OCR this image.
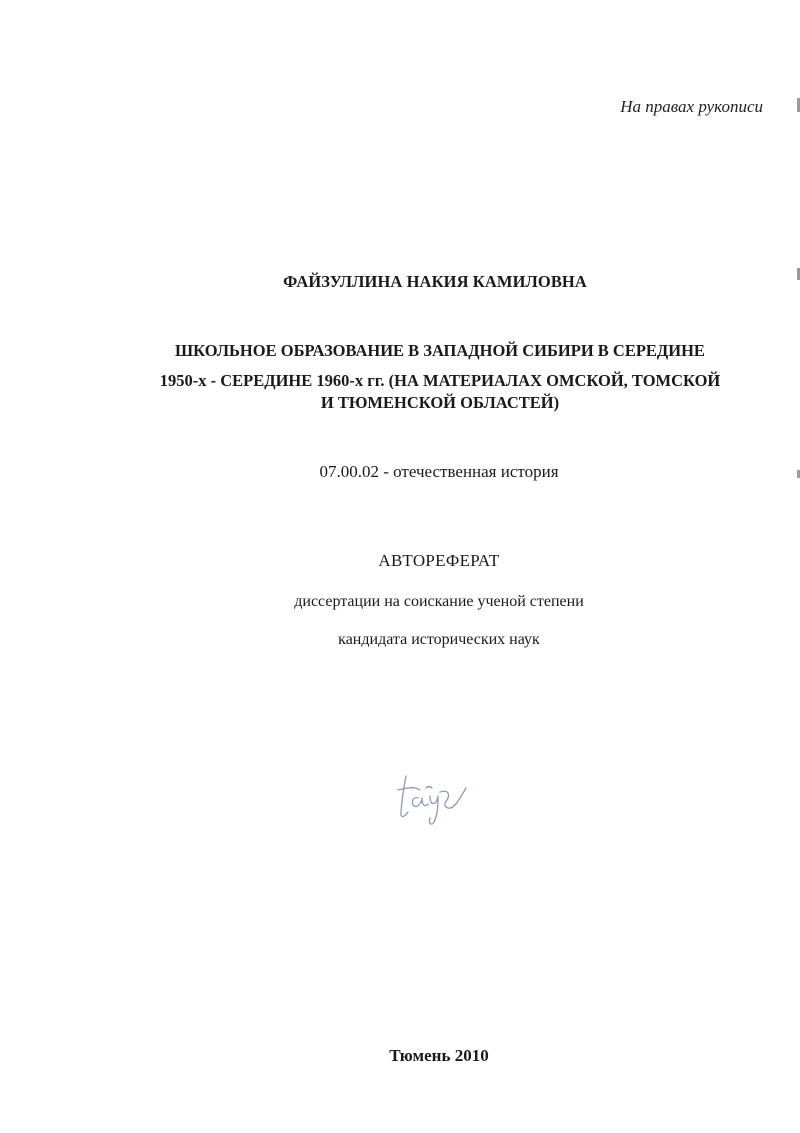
На правах рукописи
ФАЙЗУЛЛИНА НАКИЯ КАМИЛОВНА
ШКОЛЬНОЕ ОБРАЗОВАНИЕ В ЗАПАДНОЙ СИБИРИ В СЕРЕДИНЕ
1950-х - СЕРЕДИНЕ 1960-х гг. (НА МАТЕРИАЛАХ ОМСКОЙ, ТОМСКОЙ
И ТЮМЕНСКОЙ ОБЛАСТЕЙ)
07.00.02 - отечественная история
АВТОРЕФЕРАТ
диссертации на соискание ученой степени
кандидата исторических наук
Тюмень 2010
